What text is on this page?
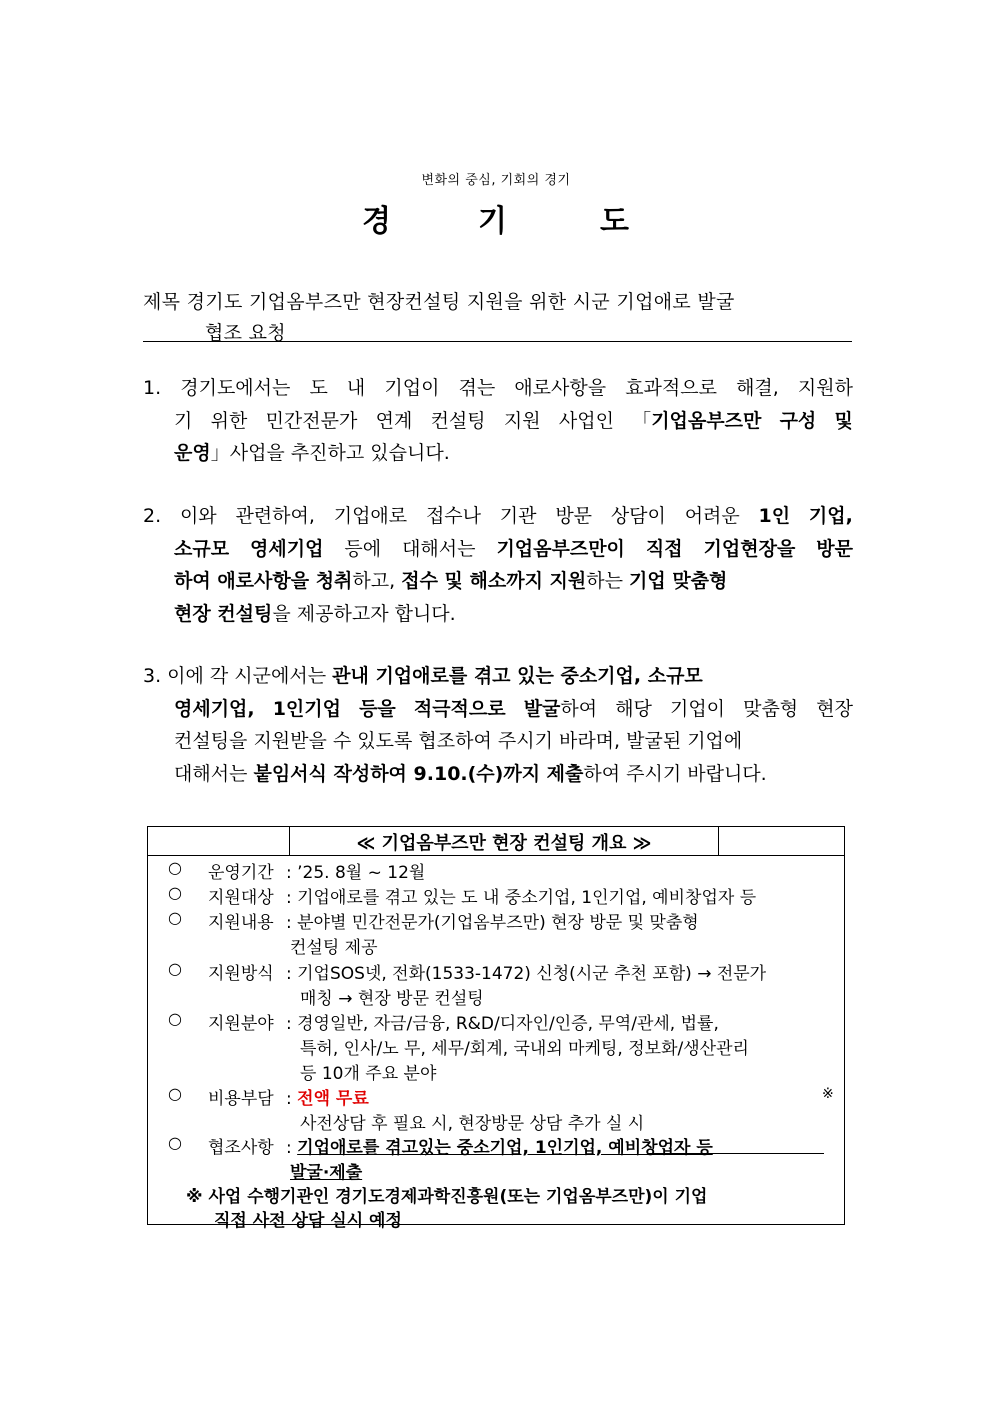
변화의 중심, 기회의 경기
경	기	도
제목 경기도 기업옴부즈만 현장컨설팅 지원을 위한 시군 기업애로 발굴
협조 요청
1. 경기도에서는 도 내 기업이 겪는 애로사항을 효과적으로 해결, 지원하
기 위한 민간전문가 연계 컨설팅 지원 사업인 「기업옴부즈만 구성 및
운영」사업을 추진하고 있습니다.
2. 이와 관련하여, 기업애로 접수나 기관 방문 상담이 어려운 1인 기업,
소규모 영세기업 등에 대해서는 기업옴부즈만이 직접 기업현장을 방문
하여 애로사항을 청취하고, 접수 및 해소까지 지원하는 기업 맞춤형
현장 컨설팅을 제공하고자 합니다.
3. 이에 각 시군에서는 관내 기업애로를 겪고 있는 중소기업, 소규모
영세기업, 1인기업 등을 적극적으로 발굴하여 해당 기업이 맞춤형 현장
컨설팅을 지원받을 수 있도록 협조하여 주시기 바라며, 발굴된 기업에
대해서는 붙임서식 작성하여 9.10.(수)까지 제출하여 주시기 바랍니다.
≪ 기업옴부즈만 현장 컨설팅 개요 ≫
○ 운영기간 : ’25. 8월 ~ 12월
○ 지원대상 : 기업애로를 겪고 있는 도 내 중소기업, 1인기업, 예비창업자 등
○ 지원내용 : 분야별 민간전문가(기업옴부즈만) 현장 방문 및 맞춤형
컨설팅 제공
○ 지원방식 : 기업SOS넷, 전화(1533-1472) 신청(시군 추천 포함) → 전문가
매칭 → 현장 방문 컨설팅
○ 지원분야 : 경영일반, 자금/금융, R&D/디자인/인증, 무역/관세, 법률,
특허, 인사/노 무, 세무/회계, 국내외 마케팅, 정보화/생산관리
등 10개 주요 분야
○ 비용부담 : 전액 무료	※
사전상담 후 필요 시, 현장방문 상담 추가 실 시
○ 협조사항 : 기업애로를 겪고있는 중소기업, 1인기업, 예비창업자 등
발굴·제출
※ 사업 수행기관인 경기도경제과학진흥원(또는 기업옴부즈만)이 기업
직접 사전 상담 실시 예정
